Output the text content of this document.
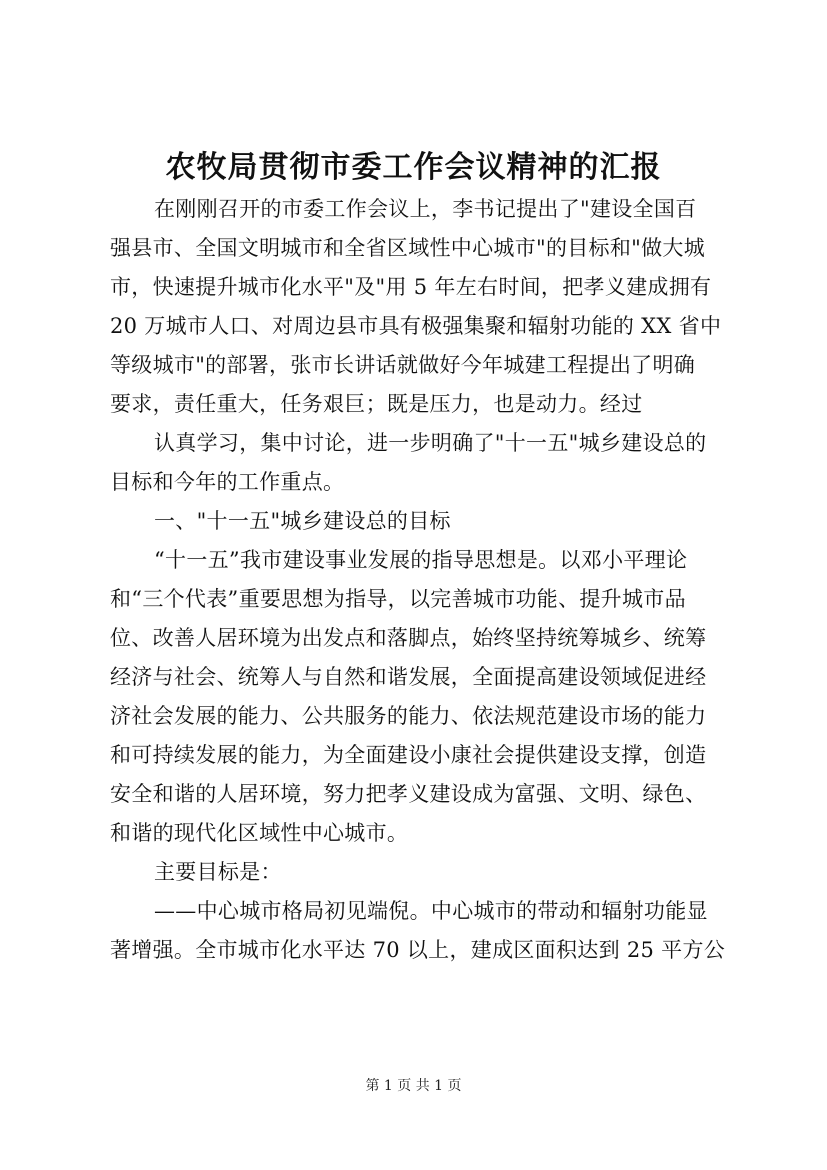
农牧局贯彻市委工作会议精神的汇报
在刚刚召开的市委工作会议上，李书记提出了"建设全国百
强县市、全国文明城市和全省区域性中心城市"的目标和"做大城
市，快速提升城市化水平"及"用 5 年左右时间，把孝义建成拥有
20 万城市人口、对周边县市具有极强集聚和辐射功能的 XX 省中
等级城市"的部署，张市长讲话就做好今年城建工程提出了明确
要求，责任重大，任务艰巨；既是压力，也是动力。经过
认真学习，集中讨论，进一步明确了"十一五"城乡建设总的
目标和今年的工作重点。
一、"十一五"城乡建设总的目标
“十一五”我市建设事业发展的指导思想是。以邓小平理论
和“三个代表”重要思想为指导，以完善城市功能、提升城市品
位、改善人居环境为出发点和落脚点，始终坚持统筹城乡、统筹
经济与社会、统筹人与自然和谐发展，全面提高建设领域促进经
济社会发展的能力、公共服务的能力、依法规范建设市场的能力
和可持续发展的能力，为全面建设小康社会提供建设支撑，创造
安全和谐的人居环境，努力把孝义建设成为富强、文明、绿色、
和谐的现代化区域性中心城市。
主要目标是：
——中心城市格局初见端倪。中心城市的带动和辐射功能显
著增强。全市城市化水平达 70 以上，建成区面积达到 25 平方公
第 1 页 共 1 页
